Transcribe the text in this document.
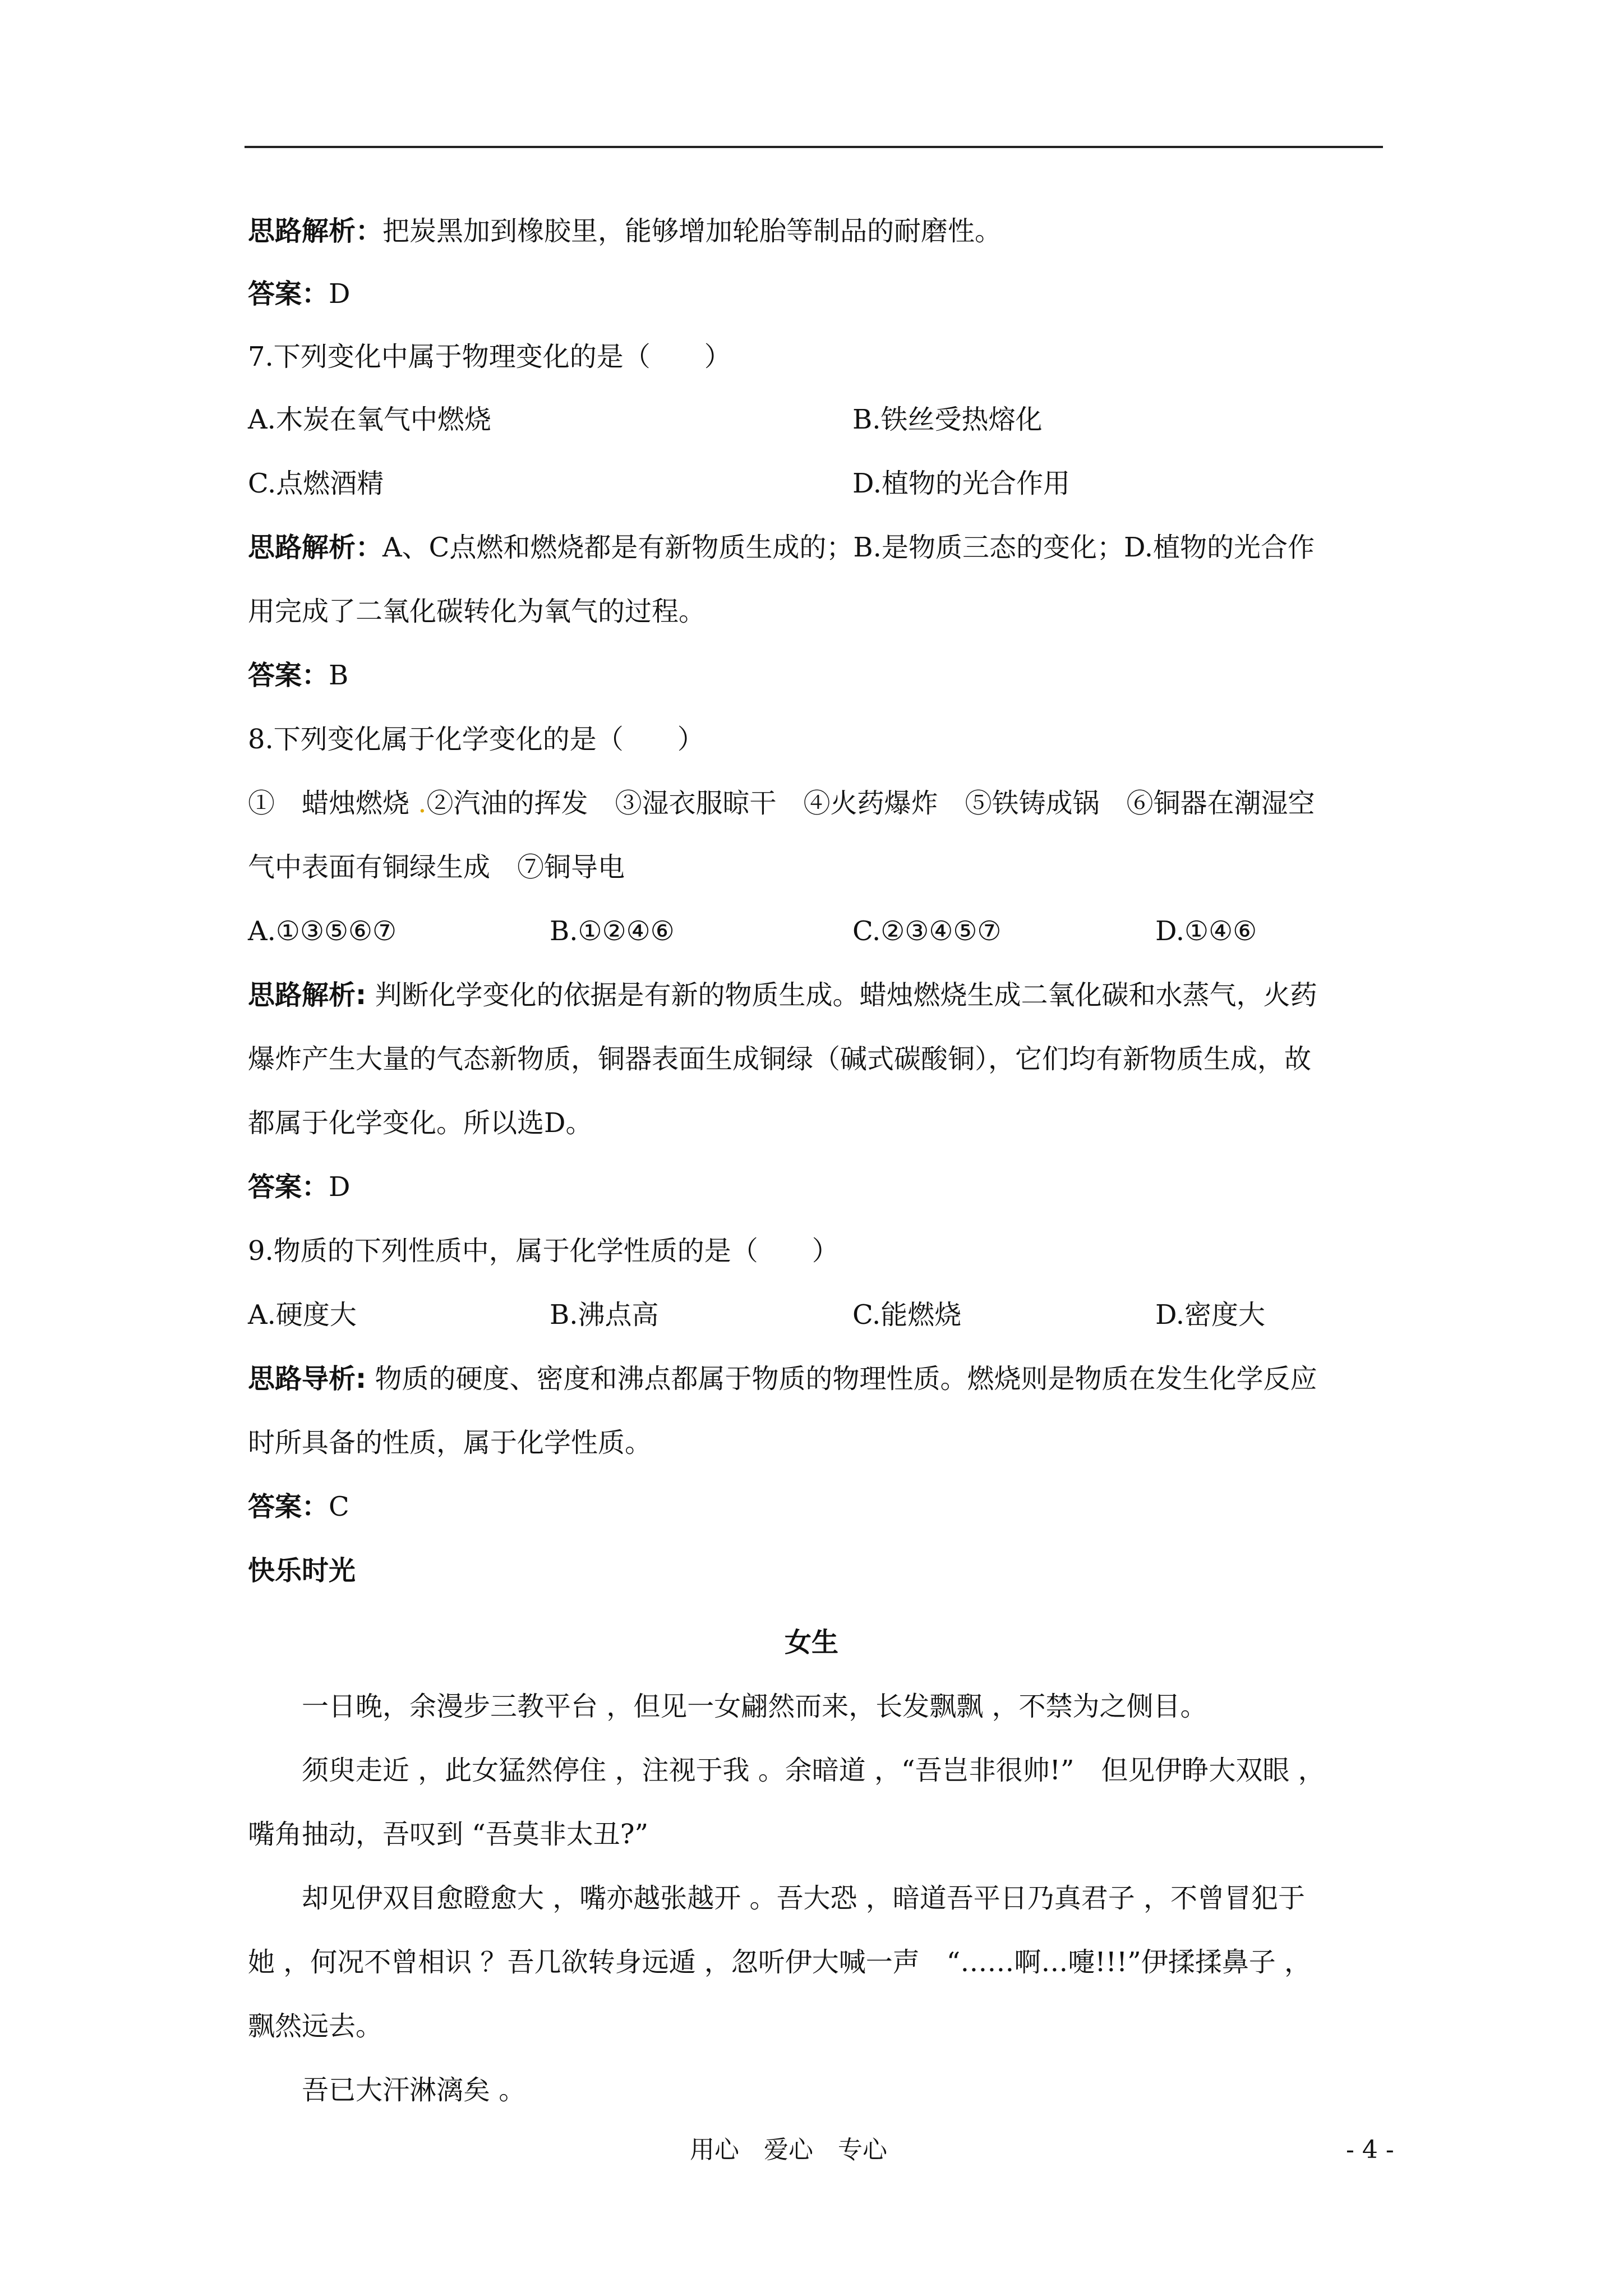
思路解析：把炭黑加到橡胶里，能够增加轮胎等制品的耐磨性。
答案：D
7.下列变化中属于物理变化的是（　　）
A.木炭在氧气中燃烧	B.铁丝受热熔化
C.点燃酒精	D.植物的光合作用
思路解析：A、C点燃和燃烧都是有新物质生成的；B.是物质三态的变化；D.植物的光合作
用完成了二氧化碳转化为氧气的过程。
答案：B
8.下列变化属于化学变化的是（　　）
①　蜡烛燃烧 .②汽油的挥发　③湿衣服晾干　④火药爆炸　⑤铁铸成锅　⑥铜器在潮湿空
气中表面有铜绿生成　⑦铜导电
A.①③⑤⑥⑦	B.①②④⑥	C.②③④⑤⑦	D.①④⑥
思路解析: 判断化学变化的依据是有新的物质生成。蜡烛燃烧生成二氧化碳和水蒸气，火药
爆炸产生大量的气态新物质，铜器表面生成铜绿（碱式碳酸铜），它们均有新物质生成，故
都属于化学变化。所以选D。
答案：D
9.物质的下列性质中，属于化学性质的是（　　）
A.硬度大	B.沸点高	C.能燃烧	D.密度大
思路导析: 物质的硬度、密度和沸点都属于物质的物理性质。燃烧则是物质在发生化学反应
时所具备的性质，属于化学性质。
答案：C
快乐时光
女生
一日晚，余漫步三教平台 ，但见一女翩然而来，长发飘飘 ，不禁为之侧目。
须臾走近 ，此女猛然停住 ，注视于我 。余暗道 ，“吾岂非很帅!”　但见伊睁大双眼 ，
嘴角抽动，吾叹到 “吾莫非太丑?”
却见伊双目愈瞪愈大 ，嘴亦越张越开 。吾大恐 ，暗道吾平日乃真君子 ，不曾冒犯于
她 ，何况不曾相识 ？吾几欲转身远遁 ，忽听伊大喊一声　“……啊…嚏!!!”伊揉揉鼻子 ，
飘然远去。
吾已大汗淋漓矣 。
用心　爱心　专心	- 4 -
